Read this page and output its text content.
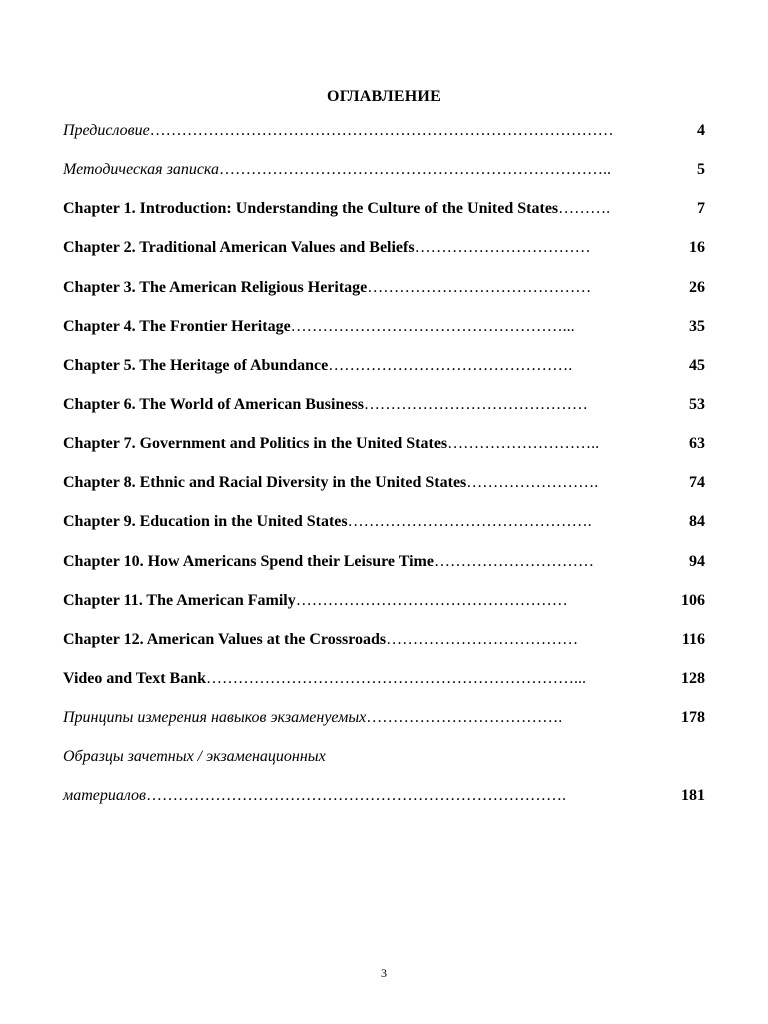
ОГЛАВЛЕНИЕ
Предисловие……………………………………………………………………………	4
Методическая записка………………………………………………………………..	5
Chapter 1. Introduction: Understanding the Culture of the United States……….	7
Chapter 2. Traditional American Values and Beliefs……………………………	16
Chapter 3. The American Religious Heritage……………………………………	26
Chapter 4. The Frontier Heritage……………………………………………...	35
Chapter 5. The Heritage of Abundance……………………………………….	45
Chapter 6. The World of American Business……………………………………	53
Chapter 7. Government and Politics in the United States………………………..	63
Chapter 8. Ethnic and Racial Diversity in the United States…………………….	74
Chapter 9. Education in the United States……………………………………….	84
Chapter 10. How Americans Spend their Leisure Time…………………………	94
Chapter 11. The American Family……………………………………………	106
Chapter 12. American Values at the Crossroads………………………………	116
Video and Text Bank……………………………………………………………...	128
Принципы измерения навыков экзаменуемых……………………………….	178
Образцы зачетных / экзаменационных
материалов…………………………………………………………………….	181
3
